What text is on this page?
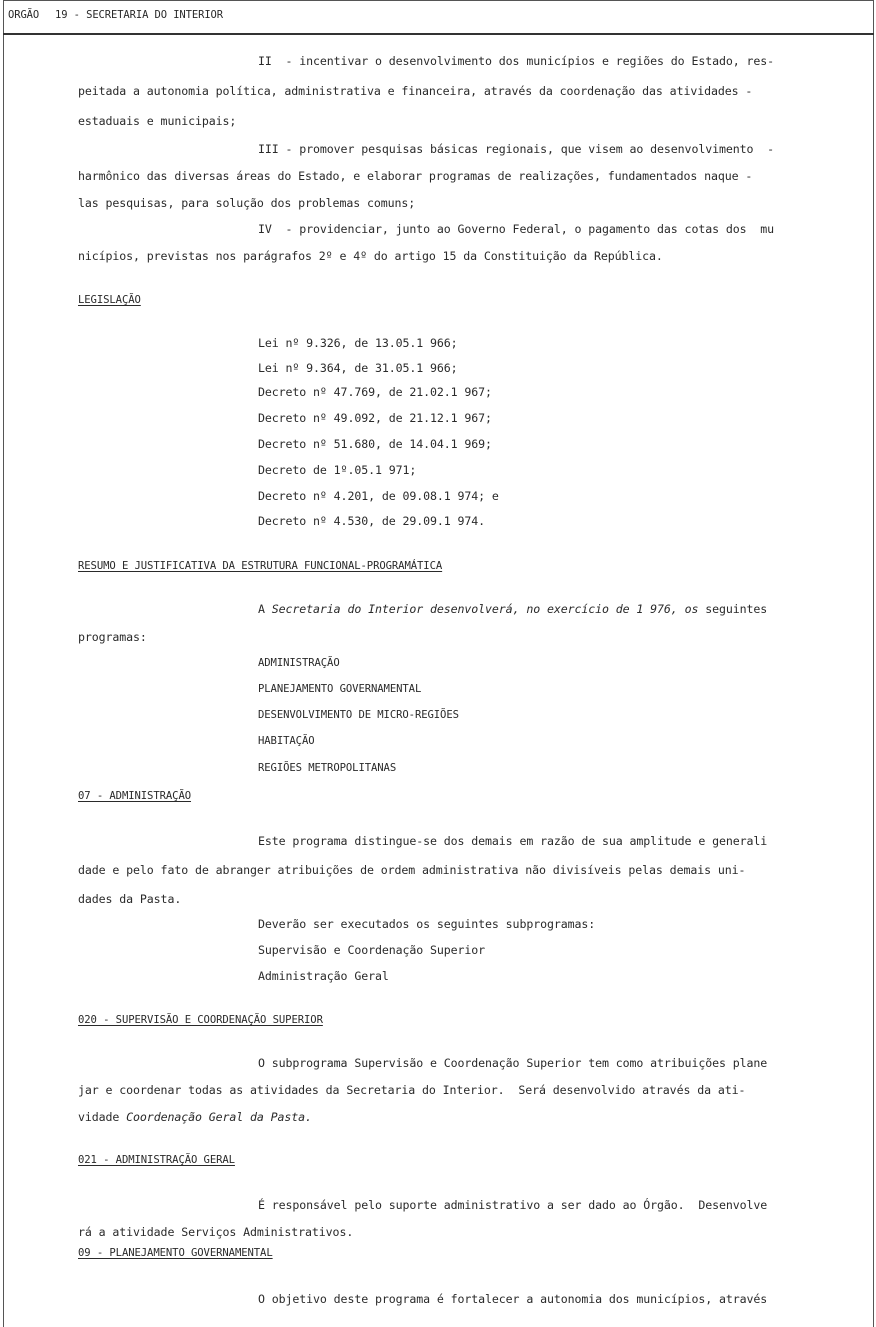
ORGÃO 19 - SECRETARIA DO INTERIOR
II  - incentivar o desenvolvimento dos municípios e regiões do Estado, res-
peitada a autonomia política, administrativa e financeira, através da coordenação das atividades -
estaduais e municipais;
III - promover pesquisas básicas regionais, que visem ao desenvolvimento  -
harmônico das diversas áreas do Estado, e elaborar programas de realizações, fundamentados naque -
las pesquisas, para solução dos problemas comuns;
IV  - providenciar, junto ao Governo Federal, o pagamento das cotas dos  mu
nicípios, previstas nos parágrafos 2º e 4º do artigo 15 da Constituição da República.
LEGISLAÇÃO
Lei nº 9.326, de 13.05.1 966;
Lei nº 9.364, de 31.05.1 966;
Decreto nº 47.769, de 21.02.1 967;
Decreto nº 49.092, de 21.12.1 967;
Decreto nº 51.680, de 14.04.1 969;
Decreto de 1º.05.1 971;
Decreto nº 4.201, de 09.08.1 974; e
Decreto nº 4.530, de 29.09.1 974.
RESUMO E JUSTIFICATIVA DA ESTRUTURA FUNCIONAL-PROGRAMÁTICA
A Secretaria do Interior desenvolverá, no exercício de 1 976, os seguintes
programas:
ADMINISTRAÇÃO
PLANEJAMENTO GOVERNAMENTAL
DESENVOLVIMENTO DE MICRO-REGIÕES
HABITAÇÃO
REGIÕES METROPOLITANAS
07 - ADMINISTRAÇÃO
Este programa distingue-se dos demais em razão de sua amplitude e generali
dade e pelo fato de abranger atribuições de ordem administrativa não divisíveis pelas demais uni-
dades da Pasta.
Deverão ser executados os seguintes subprogramas:
Supervisão e Coordenação Superior
Administração Geral
020 - SUPERVISÃO E COORDENAÇÃO SUPERIOR
O subprograma Supervisão e Coordenação Superior tem como atribuições plane
jar e coordenar todas as atividades da Secretaria do Interior.  Será desenvolvido através da ati-
vidade Coordenação Geral da Pasta.
021 - ADMINISTRAÇÃO GERAL
É responsável pelo suporte administrativo a ser dado ao Órgão.  Desenvolve
rá a atividade Serviços Administrativos.
09 - PLANEJAMENTO GOVERNAMENTAL
O objetivo deste programa é fortalecer a autonomia dos municípios, através
